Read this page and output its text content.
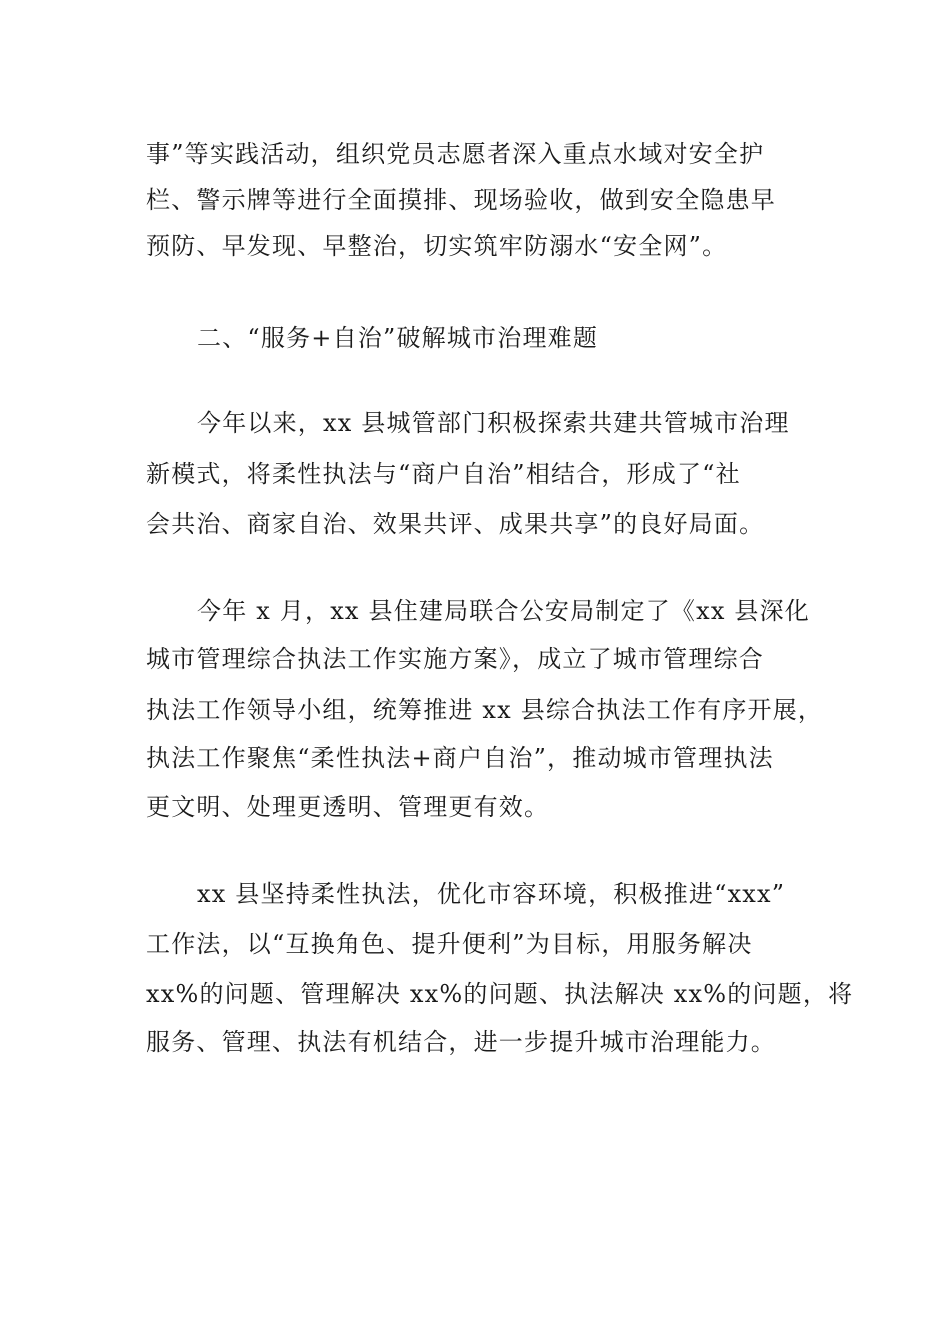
事”等实践活动，组织党员志愿者深入重点水域对安全护
栏、警示牌等进行全面摸排、现场验收，做到安全隐患早
预防、早发现、早整治，切实筑牢防溺水“安全网”。
二、“服务+自治”破解城市治理难题
今年以来，xx 县城管部门积极探索共建共管城市治理
新模式，将柔性执法与“商户自治”相结合，形成了“社
会共治、商家自治、效果共评、成果共享”的良好局面。
今年 x 月，xx 县住建局联合公安局制定了《xx 县深化
城市管理综合执法工作实施方案》，成立了城市管理综合
执法工作领导小组，统筹推进 xx 县综合执法工作有序开展，
执法工作聚焦“柔性执法+商户自治”，推动城市管理执法
更文明、处理更透明、管理更有效。
xx 县坚持柔性执法，优化市容环境，积极推进“xxx”
工作法，以“互换角色、提升便利”为目标，用服务解决
xx%的问题、管理解决 xx%的问题、执法解决 xx%的问题，将
服务、管理、执法有机结合，进一步提升城市治理能力。
